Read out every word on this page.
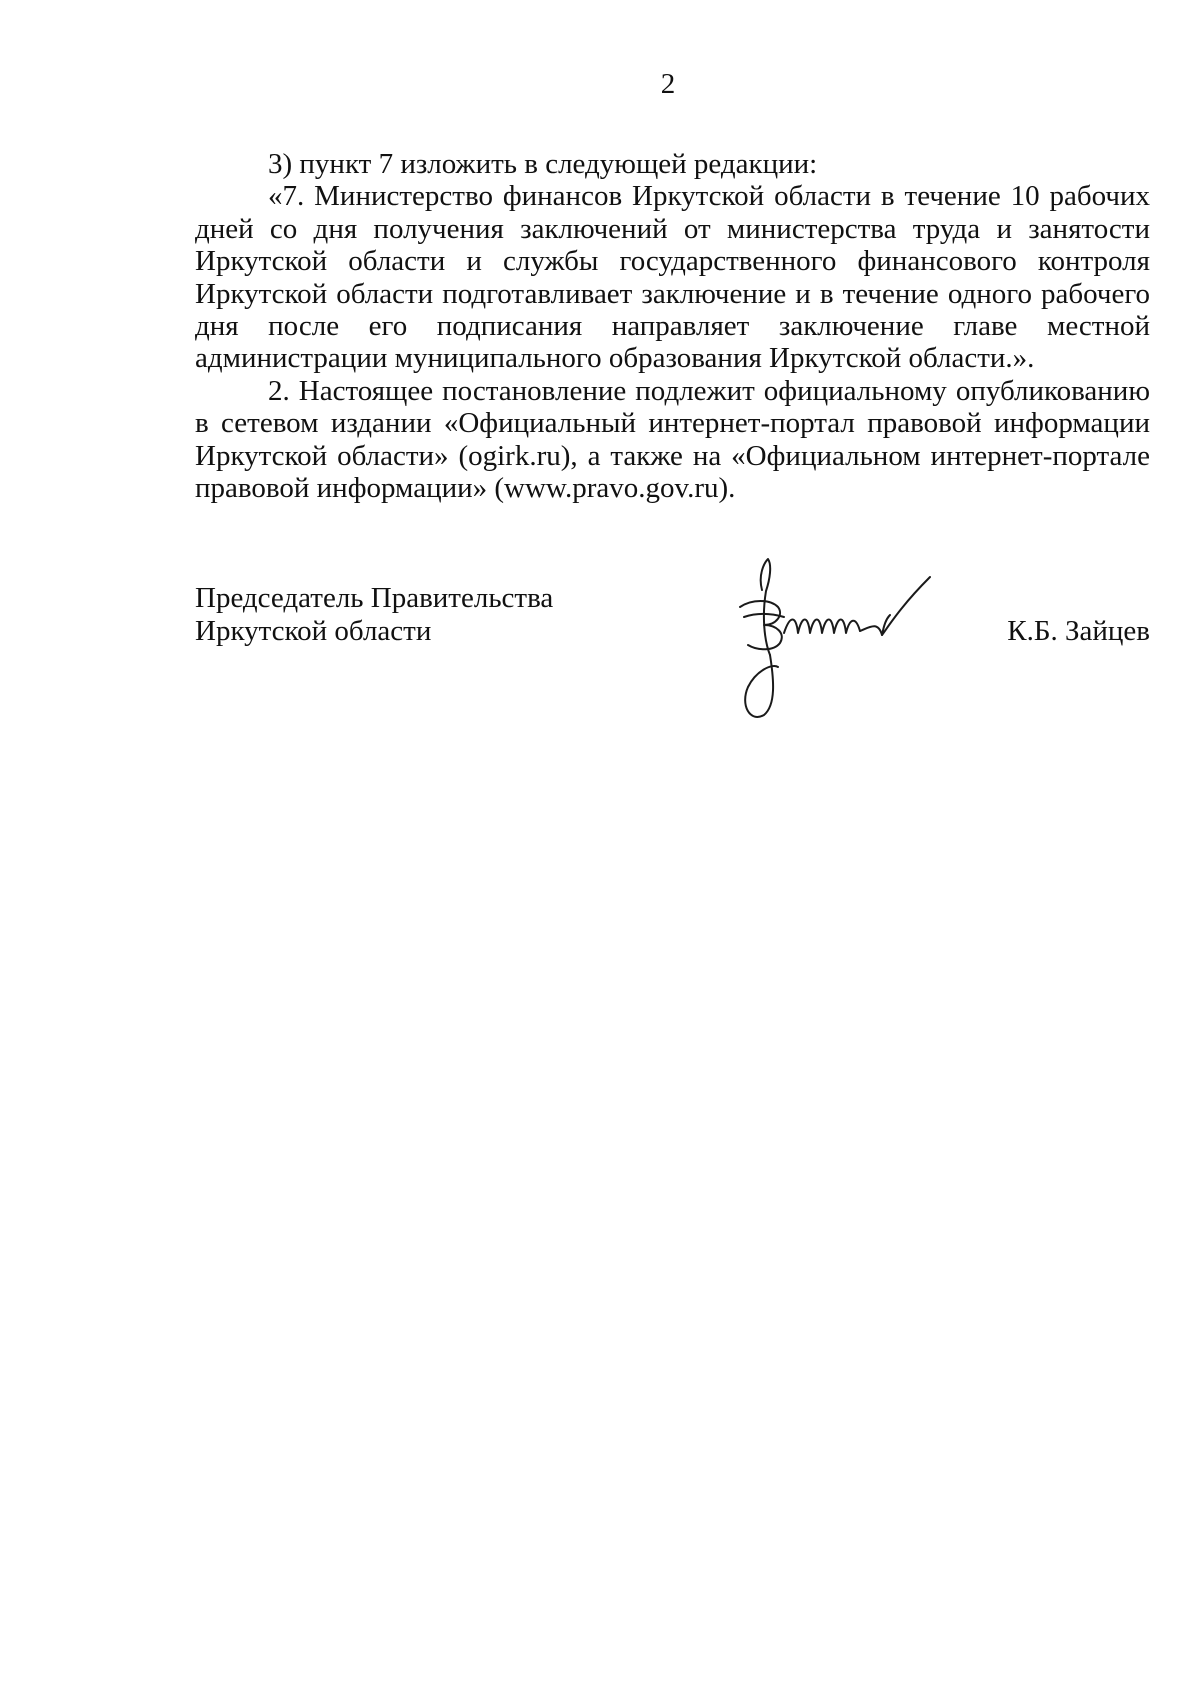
2

3) пункт 7 изложить в следующей редакции:

«7. Министерство финансов Иркутской области в течение 10 рабочих дней со дня получения заключений от министерства труда и занятости Иркутской области и службы государственного финансового контроля Иркутской области подготавливает заключение и в течение одного рабочего дня после его подписания направляет заключение главе местной администрации муниципального образования Иркутской области.».

2. Настоящее постановление подлежит официальному опубликованию в сетевом издании «Официальный интернет-портал правовой информации Иркутской области» (ogirk.ru), а также на «Официальном интернет-портале правовой информации» (www.pravo.gov.ru).

Председатель Правительства
Иркутской области	К.Б. Зайцев
